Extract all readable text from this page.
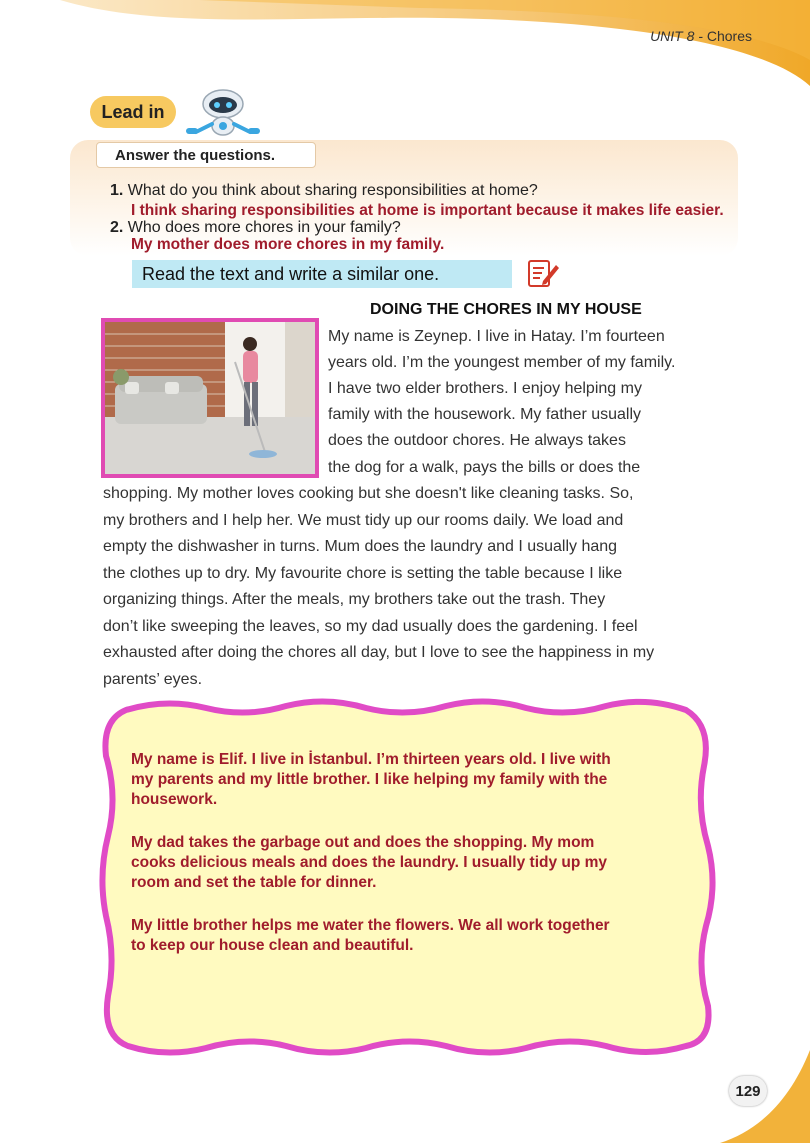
UNIT 8 - Chores
Lead in
Answer the questions.
1. What do you think about sharing responsibilities at home?
I think sharing responsibilities at home is important because it makes life easier.
2. Who does more chores in your family?
My mother does more chores in my family.
Read the text and write a similar one.
DOING THE CHORES IN MY HOUSE
My name is Zeynep. I live in Hatay. I’m fourteen
years old. I’m the youngest member of my family.
I have two elder brothers. I enjoy helping my
family with the housework. My father usually
does the outdoor chores. He always takes
the dog for a walk, pays the bills or does the
shopping. My mother loves cooking but she doesn't like cleaning tasks. So,
my brothers and I help her. We must tidy up our rooms daily. We load and
empty the dishwasher in turns. Mum does the laundry and I usually hang
the clothes up to dry. My favourite chore is setting the table because I like
organizing things. After the meals, my brothers take out the trash. They
don’t like sweeping the leaves, so my dad usually does the gardening. I feel
exhausted after doing the chores all day, but I love to see the happiness in my
parents’ eyes.
My name is Elif. I live in İstanbul. I’m thirteen years old. I live with
my parents and my little brother. I like helping my family with the
housework.
My dad takes the garbage out and does the shopping. My mom
cooks delicious meals and does the laundry. I usually tidy up my
room and set the table for dinner.
My little brother helps me water the flowers. We all work together
to keep our house clean and beautiful.
129
